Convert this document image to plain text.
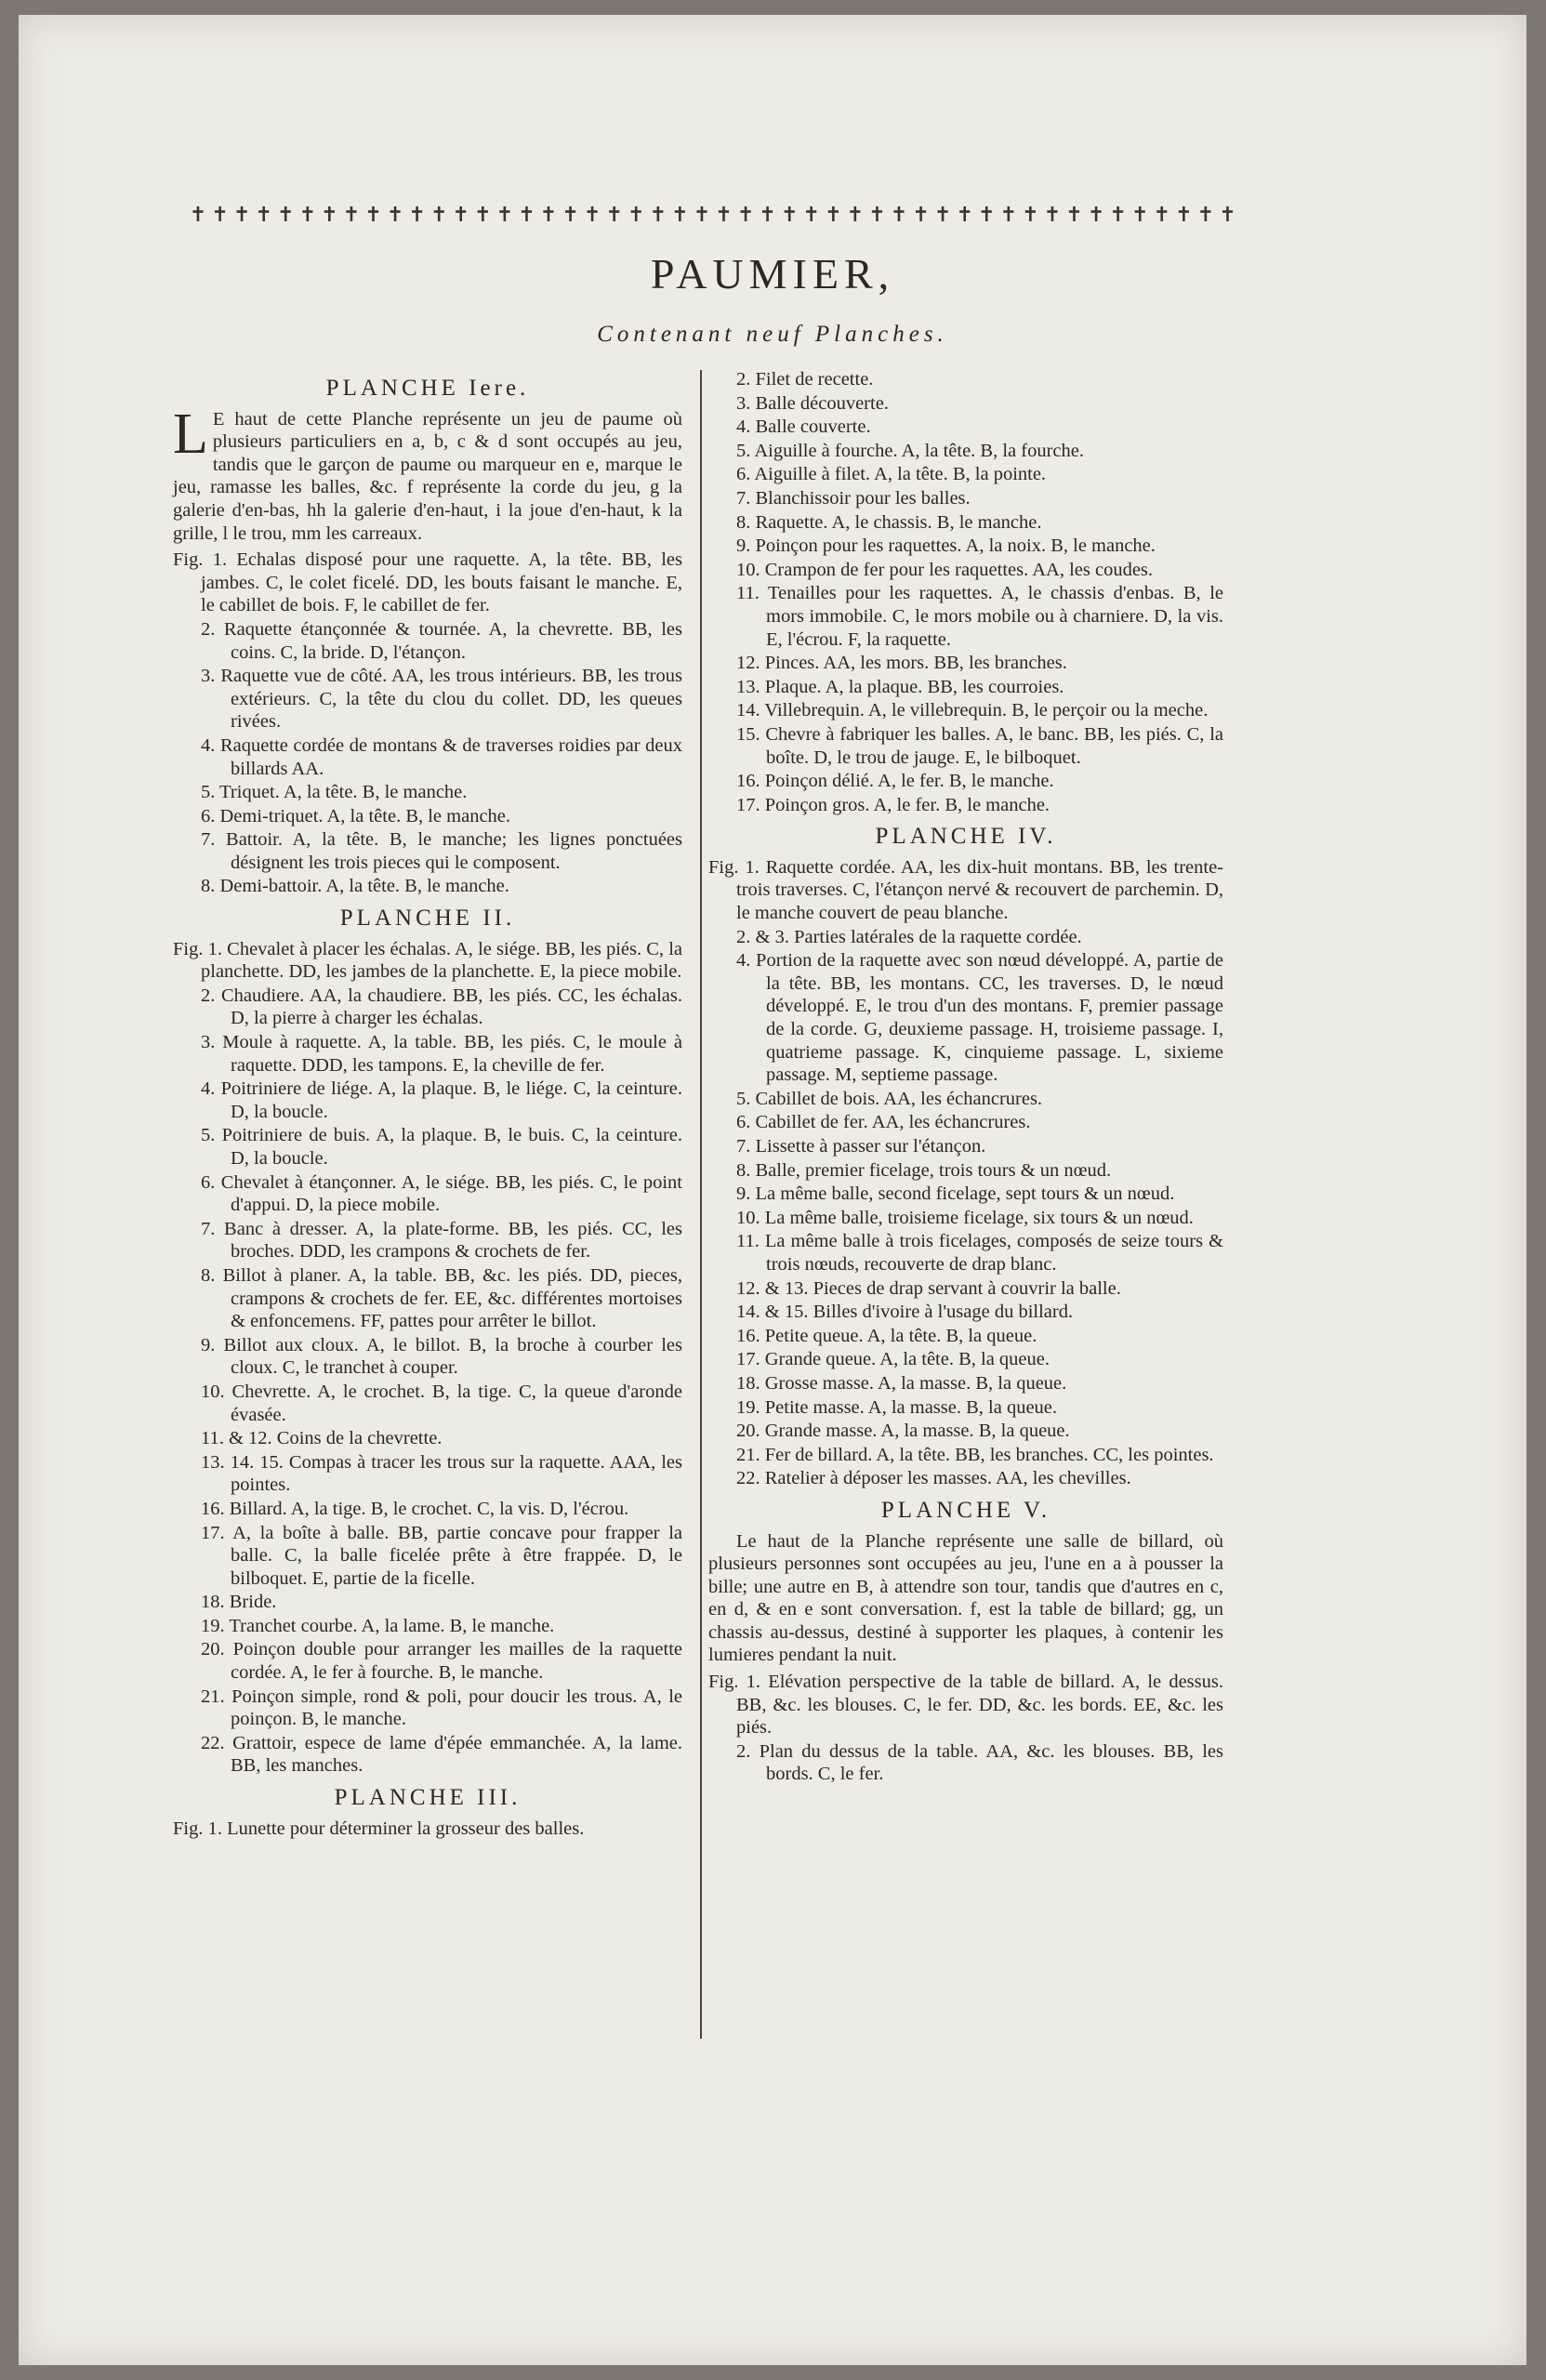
✝ ✝ ✝ ✝ ✝ ✝ ✝ ✝ ✝ ✝ ✝ ✝ ✝ ✝ ✝ ✝ ✝ ✝ ✝ ✝ ✝ ✝ ✝ ✝ ✝ ✝ ✝ ✝ ✝ ✝ ✝ ✝ ✝ ✝ ✝ ✝ ✝ ✝ ✝ ✝ ✝ ✝ ✝ ✝ ✝ ✝ ✝ ✝
PAUMIER,
Contenant neuf Planches.
PLANCHE Iere.
L E haut de cette Planche représente un jeu de paume où plusieurs particuliers en a, b, c & d sont occupés au jeu, tandis que le garçon de paume ou marqueur en e, marque le jeu, ramasse les balles, &c. f représente la corde du jeu, g la galerie d'en-bas, hh la galerie d'en-haut, i la joue d'en-haut, k la grille, l le trou, mm les carreaux.
Fig. 1. Echalas disposé pour une raquette. A, la tête. BB, les jambes. C, le colet ficelé. DD, les bouts faisant le manche. E, le cabillet de bois. F, le cabillet de fer.
2. Raquette étançonnée & tournée. A, la chevrette. BB, les coins. C, la bride. D, l'étançon.
3. Raquette vue de côté. AA, les trous intérieurs. BB, les trous extérieurs. C, la tête du clou du collet. DD, les queues rivées.
4. Raquette cordée de montans & de traverses roidies par deux billards AA.
5. Triquet. A, la tête. B, le manche.
6. Demi-triquet. A, la tête. B, le manche.
7. Battoir. A, la tête. B, le manche; les lignes ponctuées désignent les trois pieces qui le composent.
8. Demi-battoir. A, la tête. B, le manche.
PLANCHE II.
Fig. 1. Chevalet à placer les échalas. A, le siége. BB, les piés. C, la planchette. DD, les jambes de la planchette. E, la piece mobile.
2. Chaudiere. AA, la chaudiere. BB, les piés. CC, les échalas. D, la pierre à charger les échalas.
3. Moule à raquette. A, la table. BB, les piés. C, le moule à raquette. DDD, les tampons. E, la cheville de fer.
4. Poitriniere de liége. A, la plaque. B, le liége. C, la ceinture. D, la boucle.
5. Poitriniere de buis. A, la plaque. B, le buis. C, la ceinture. D, la boucle.
6. Chevalet à étançonner. A, le siége. BB, les piés. C, le point d'appui. D, la piece mobile.
7. Banc à dresser. A, la plate-forme. BB, les piés. CC, les broches. DDD, les crampons & crochets de fer.
8. Billot à planer. A, la table. BB, &c. les piés. DD, pieces, crampons & crochets de fer. EE, &c. différentes mortoises & enfoncemens. FF, pattes pour arrêter le billot.
9. Billot aux cloux. A, le billot. B, la broche à courber les cloux. C, le tranchet à couper.
10. Chevrette. A, le crochet. B, la tige. C, la queue d'aronde évasée.
11. & 12. Coins de la chevrette.
13. 14. 15. Compas à tracer les trous sur la raquette. AAA, les pointes.
16. Billard. A, la tige. B, le crochet. C, la vis. D, l'écrou.
17. A, la boîte à balle. BB, partie concave pour frapper la balle. C, la balle ficelée prête à être frappée. D, le bilboquet. E, partie de la ficelle.
18. Bride.
19. Tranchet courbe. A, la lame. B, le manche.
20. Poinçon double pour arranger les mailles de la raquette cordée. A, le fer à fourche. B, le manche.
21. Poinçon simple, rond & poli, pour doucir les trous. A, le poinçon. B, le manche.
22. Grattoir, espece de lame d'épée emmanchée. A, la lame. BB, les manches.
PLANCHE III.
Fig. 1. Lunette pour déterminer la grosseur des balles.
2. Filet de recette.
3. Balle découverte.
4. Balle couverte.
5. Aiguille à fourche. A, la tête. B, la fourche.
6. Aiguille à filet. A, la tête. B, la pointe.
7. Blanchissoir pour les balles.
8. Raquette. A, le chassis. B, le manche.
9. Poinçon pour les raquettes. A, la noix. B, le manche.
10. Crampon de fer pour les raquettes. AA, les coudes.
11. Tenailles pour les raquettes. A, le chassis d'enbas. B, le mors immobile. C, le mors mobile ou à charniere. D, la vis. E, l'écrou. F, la raquette.
12. Pinces. AA, les mors. BB, les branches.
13. Plaque. A, la plaque. BB, les courroies.
14. Villebrequin. A, le villebrequin. B, le perçoir ou la meche.
15. Chevre à fabriquer les balles. A, le banc. BB, les piés. C, la boîte. D, le trou de jauge. E, le bilboquet.
16. Poinçon délié. A, le fer. B, le manche.
17. Poinçon gros. A, le fer. B, le manche.
PLANCHE IV.
Fig. 1. Raquette cordée. AA, les dix-huit montans. BB, les trente-trois traverses. C, l'étançon nervé & recouvert de parchemin. D, le manche couvert de peau blanche.
2. & 3. Parties latérales de la raquette cordée.
4. Portion de la raquette avec son nœud développé. A, partie de la tête. BB, les montans. CC, les traverses. D, le nœud développé. E, le trou d'un des montans. F, premier passage de la corde. G, deuxieme passage. H, troisieme passage. I, quatrieme passage. K, cinquieme passage. L, sixieme passage. M, septieme passage.
5. Cabillet de bois. AA, les échancrures.
6. Cabillet de fer. AA, les échancrures.
7. Lissette à passer sur l'étançon.
8. Balle, premier ficelage, trois tours & un nœud.
9. La même balle, second ficelage, sept tours & un nœud.
10. La même balle, troisieme ficelage, six tours & un nœud.
11. La même balle à trois ficelages, composés de seize tours & trois nœuds, recouverte de drap blanc.
12. & 13. Pieces de drap servant à couvrir la balle.
14. & 15. Billes d'ivoire à l'usage du billard.
16. Petite queue. A, la tête. B, la queue.
17. Grande queue. A, la tête. B, la queue.
18. Grosse masse. A, la masse. B, la queue.
19. Petite masse. A, la masse. B, la queue.
20. Grande masse. A, la masse. B, la queue.
21. Fer de billard. A, la tête. BB, les branches. CC, les pointes.
22. Ratelier à déposer les masses. AA, les chevilles.
PLANCHE V.
Le haut de la Planche représente une salle de billard, où plusieurs personnes sont occupées au jeu, l'une en a à pousser la bille; une autre en B, à attendre son tour, tandis que d'autres en c, en d, & en e sont conversation. f, est la table de billard; gg, un chassis au-dessus, destiné à supporter les plaques, à contenir les lumieres pendant la nuit.
Fig. 1. Elévation perspective de la table de billard. A, le dessus. BB, &c. les blouses. C, le fer. DD, &c. les bords. EE, &c. les piés.
2. Plan du dessus de la table. AA, &c. les blouses. BB, les bords. C, le fer.
